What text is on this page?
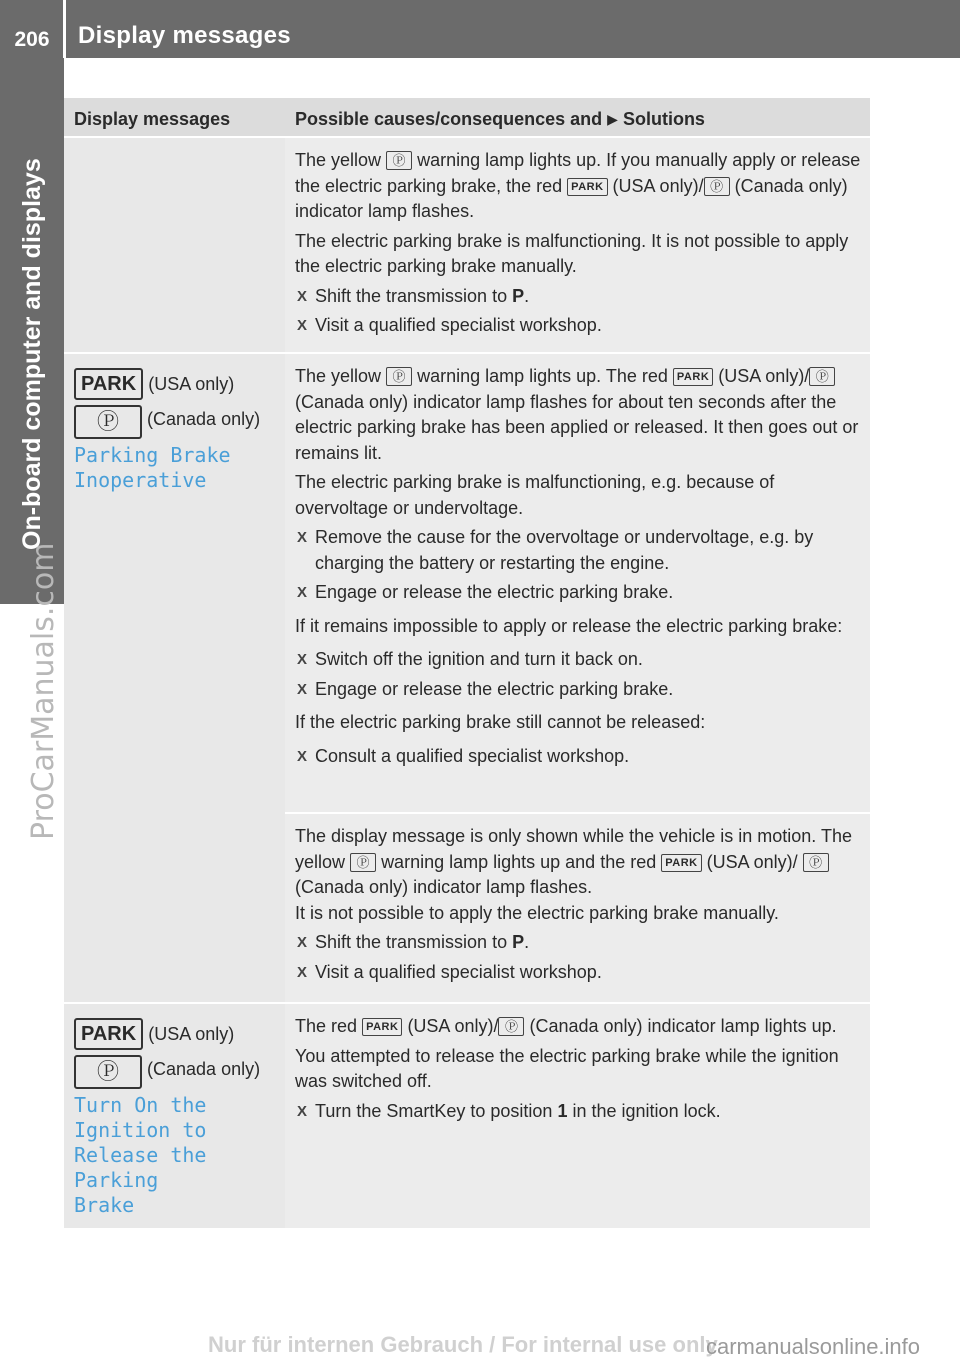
206	Display messages
On-board computer and displays
ProCarManuals.com
Display messages	Possible causes/consequences and ▶ Solutions
The yellow Ⓟ warning lamp lights up. If you manually apply or release the electric parking brake, the red PARK (USA only)/ Ⓟ (Canada only) indicator lamp flashes.
The electric parking brake is malfunctioning. It is not possible to apply the electric parking brake manually.
X Shift the transmission to P.
X Visit a qualified specialist workshop.
PARK (USA only)
Ⓟ (Canada only)
Parking Brake Inoperative
The yellow Ⓟ warning lamp lights up. The red PARK (USA only)/ Ⓟ (Canada only) indicator lamp flashes for about ten seconds after the electric parking brake has been applied or released. It then goes out or remains lit.
The electric parking brake is malfunctioning, e.g. because of overvoltage or undervoltage.
X Remove the cause for the overvoltage or undervoltage, e.g. by charging the battery or restarting the engine.
X Engage or release the electric parking brake.
If it remains impossible to apply or release the electric parking brake:
X Switch off the ignition and turn it back on.
X Engage or release the electric parking brake.
If the electric parking brake still cannot be released:
X Consult a qualified specialist workshop.
The display message is only shown while the vehicle is in motion. The yellow Ⓟ warning lamp lights up and the red PARK (USA only)/ Ⓟ (Canada only) indicator lamp flashes.
It is not possible to apply the electric parking brake manually.
X Shift the transmission to P.
X Visit a qualified specialist workshop.
PARK (USA only)
Ⓟ (Canada only)
Turn On the Ignition to Release the Parking Brake
The red PARK (USA only)/ Ⓟ (Canada only) indicator lamp lights up.
You attempted to release the electric parking brake while the ignition was switched off.
X Turn the SmartKey to position 1 in the ignition lock.
Nur für internen Gebrauch / For internal use only
carmanualsonline.info
